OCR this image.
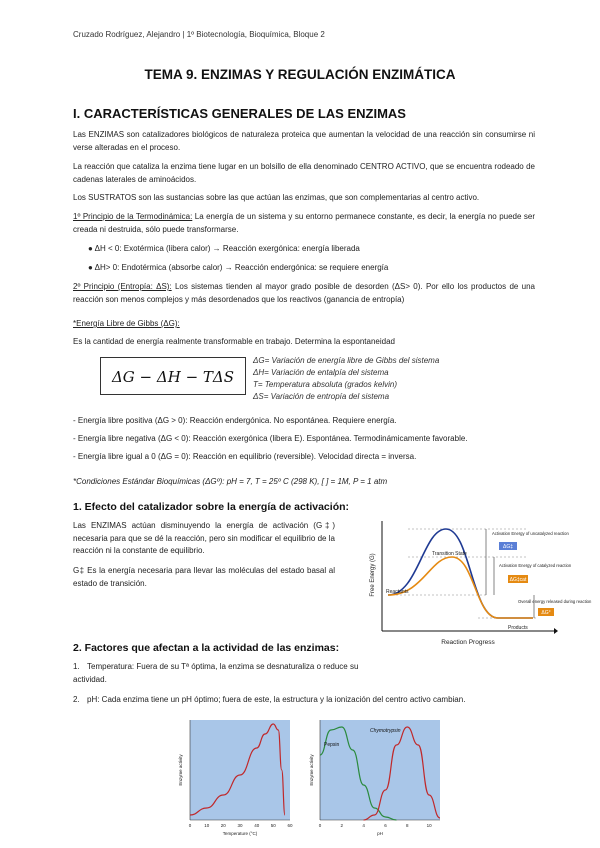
Cruzado Rodríguez, Alejandro | 1º Biotecnología, Bioquímica, Bloque 2
TEMA 9. ENZIMAS Y REGULACIÓN ENZIMÁTICA
I. CARACTERÍSTICAS GENERALES DE LAS ENZIMAS
Las ENZIMAS son catalizadores biológicos de naturaleza proteica que aumentan la velocidad de una reacción sin consumirse ni verse alteradas en el proceso.
La reacción que cataliza la enzima tiene lugar en un bolsillo de ella denominado CENTRO ACTIVO, que se encuentra rodeado de cadenas laterales de aminoácidos.
Los SUSTRATOS son las sustancias sobre las que actúan las enzimas, que son complementarias al centro activo.
1º Principio de la Termodinámica: La energía de un sistema y su entorno permanece constante, es decir, la energía no puede ser creada ni destruida, sólo puede transformarse.
● ΔH < 0: Exotérmica (libera calor) → Reacción exergónica: energía liberada
● ΔH> 0: Endotérmica (absorbe calor) → Reacción endergónica: se requiere energía
2º Principio (Entropía: ΔS): Los sistemas tienden al mayor grado posible de desorden (ΔS> 0). Por ello los productos de una reacción son menos complejos y más desordenados que los reactivos (ganancia de entropía)
*Energía Libre de Gibbs (ΔG):
Es la cantidad de energía realmente transformable en trabajo. Determina la espontaneidad
ΔG − ΔH − TΔS
ΔG= Variación de energía libre de Gibbs del sistema
ΔH= Variación de entalpía del sistema
T= Temperatura absoluta (grados kelvin)
ΔS= Variación de entropía del sistema
- Energía libre positiva (ΔG > 0): Reacción endergónica. No espontánea. Requiere energía.
- Energía libre negativa (ΔG < 0): Reacción exergónica (libera E). Espontánea. Termodinámicamente favorable.
- Energía libre igual a 0 (ΔG = 0): Reacción en equilibrio (reversible). Velocidad directa = inversa.
*Condiciones Estándar Bioquímicas (ΔGº): pH = 7, T = 25º C (298 K), [ ] = 1M, P = 1 atm
1. Efecto del catalizador sobre la energía de activación:
Las ENZIMAS actúan disminuyendo la energía de activación (G‡) necesaria para que se dé la reacción, pero sin modificar el equilibrio de la reacción ni la constante de equilibrio.
G‡ Es la energía necesaria para llevar las moléculas del estado basal al estado de transición.	Free Energy (G)
Reaction Progress
Reactants
Products
Transition State
Activation Energy of uncatalyzed reaction
ΔG‡
Activation Energy of catalyzed reaction
ΔG‡cat
Overall energy released during reaction
ΔG°
2. Factores que afectan a la actividad de las enzimas:
1. Temperatura: Fuera de su Tª óptima, la enzima se desnaturaliza o reduce su actividad.
2. pH: Cada enzima tiene un pH óptimo; fuera de este, la estructura y la ionización del centro activo cambian.
Enzyme activity
Temperature (°C)
0	10	20	30	40	50	60
Enzyme activity
pH
0	2	4	6	8	10
Pepsin
Chymotrypsin
